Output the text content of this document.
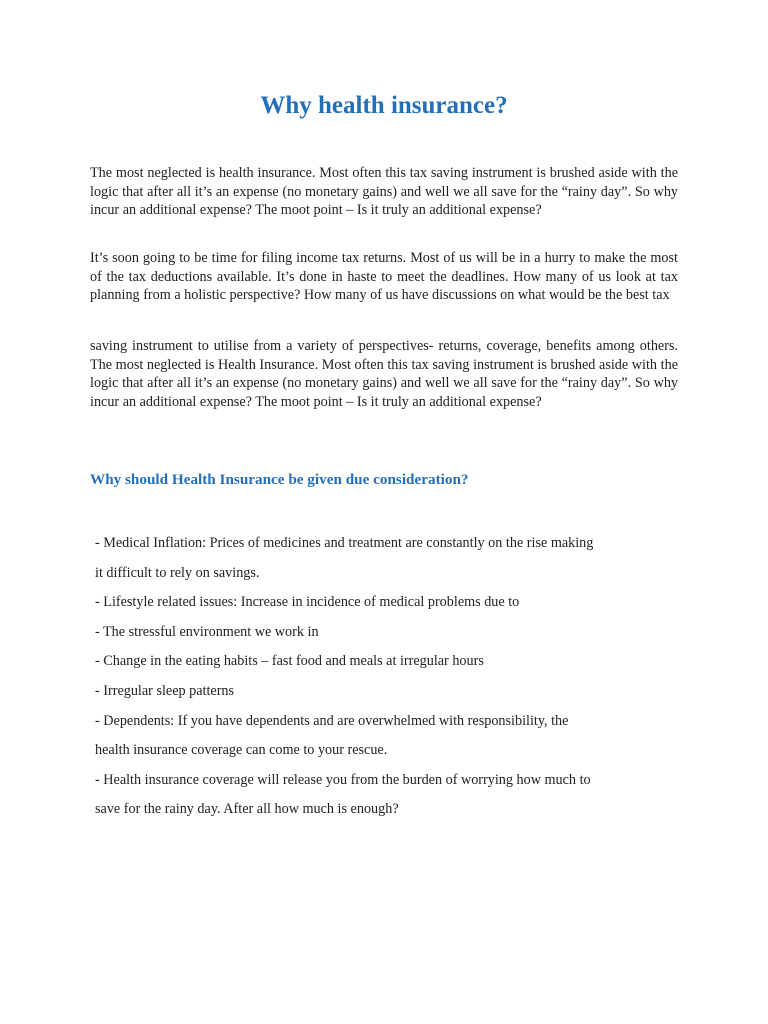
Why health insurance?

The most neglected is health insurance. Most often this tax saving instrument is brushed aside with the logic that after all it’s an expense (no monetary gains) and well we all save for the “rainy day”. So why incur an additional expense? The moot point – Is it truly an additional expense?

It’s soon going to be time for filing income tax returns. Most of us will be in a hurry to make the most of the tax deductions available. It’s done in haste to meet the deadlines. How many of us look at tax planning from a holistic perspective? How many of us have discussions on what would be the best tax

saving instrument to utilise from a variety of perspectives- returns, coverage, benefits among others. The most neglected is Health Insurance. Most often this tax saving instrument is brushed aside with the logic that after all it’s an expense (no monetary gains) and well we all save for the “rainy day”. So why incur an additional expense? The moot point – Is it truly an additional expense?

Why should Health Insurance be given due consideration?
- Medical Inflation: Prices of medicines and treatment are constantly on the rise making
it difficult to rely on savings.
- Lifestyle related issues: Increase in incidence of medical problems due to
- The stressful environment we work in
- Change in the eating habits – fast food and meals at irregular hours
- Irregular sleep patterns
- Dependents: If you have dependents and are overwhelmed with responsibility, the
health insurance coverage can come to your rescue.
- Health insurance coverage will release you from the burden of worrying how much to
save for the rainy day. After all how much is enough?
